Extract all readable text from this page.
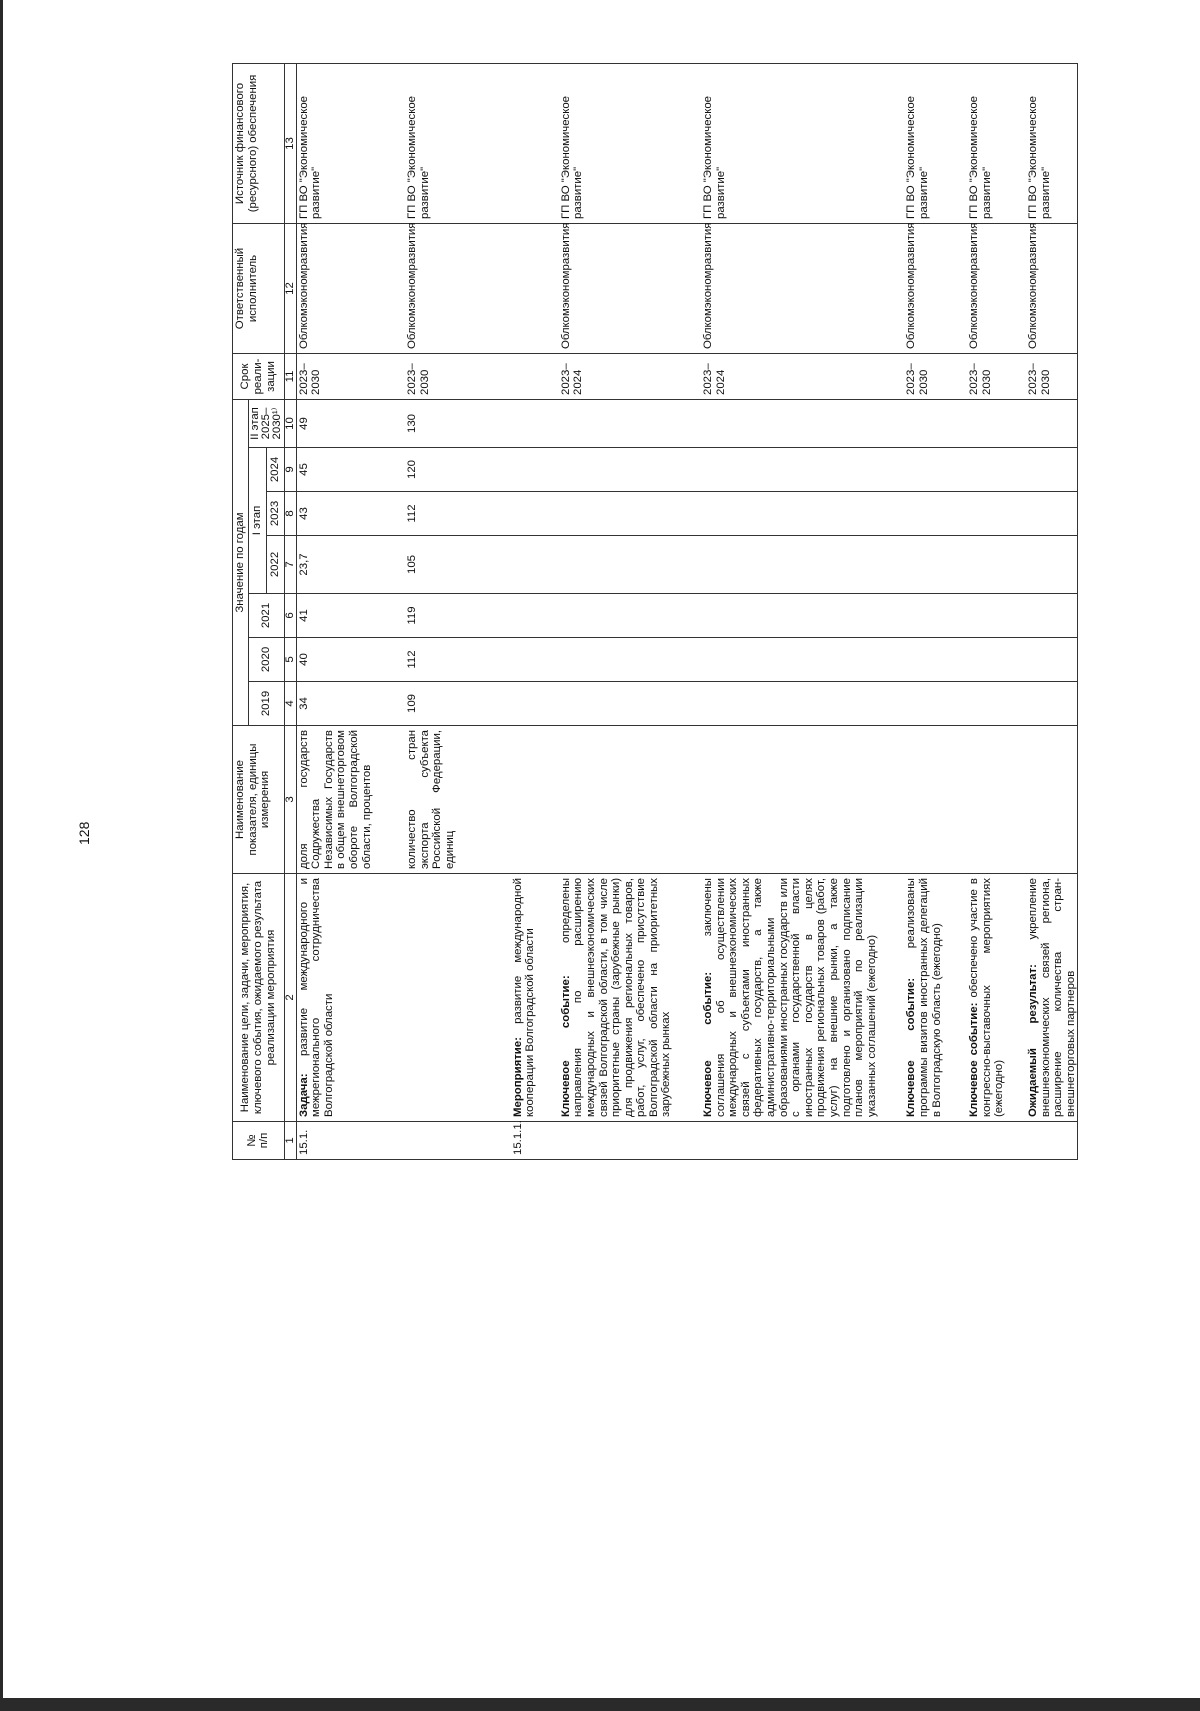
128
№
п/п	Наименование цели, задачи, мероприятия, ключевого события, ожидаемого результата реализации мероприятия	Наименование показателя, единицы измерения	Значение по годам							Срок
реали-
зации	Ответственный
исполнитель	Источник финансового
(ресурсного) обеспечения
			2019	2020	2021	I этап			II этап
2025–
2030¹⁾			
						2022	2023	2024				
1	2	3	4	5	6	7	8	9	10	11	12	13
15.1.	Задача: развитие международного и межрегионального сотрудничества Волгоградской области	доля государств Содружества Независимых Государств в общем внешнеторговом обороте Волгоградской области, процентов	34	40	41	23,7	43	45	49	2023–
2030	Облкомэкономразвития	ГП ВО "Экономическое развитие"

		количество стран экспорта субъекта Российской Федерации, единиц	109	112	119	105	112	120	130	2023–
2030	Облкомэкономразвития	ГП ВО "Экономическое развитие"

15.1.1.	Мероприятие: развитие международной кооперации Волгоградской области											

	Ключевое событие: определены направления по расширению международных и внешнеэкономических связей Волгоградской области, в том числе приоритетные страны (зарубежные рынки) для продвижения региональных товаров, работ, услуг, обеспечено присутствие Волгоградской области на приоритетных зарубежных рынках									2023–
2024	Облкомэкономразвития	ГП ВО "Экономическое развитие"

	Ключевое событие: заключены соглашения об осуществлении международных и внешнеэкономических связей с субъектами иностранных федеративных государств, а также административно-территориальными образованиями иностранных государств или с органами государственной власти иностранных государств в целях продвижения региональных товаров (работ, услуг) на внешние рынки, а также подготовлено и организовано подписание планов мероприятий по реализации указанных соглашений (ежегодно)									2023–
2024	Облкомэкономразвития	ГП ВО "Экономическое развитие"

	Ключевое событие: реализованы программы визитов иностранных делегаций в Волгоградскую область (ежегодно)									2023–
2030	Облкомэкономразвития	ГП ВО "Экономическое развитие"

	Ключевое событие: обеспечено участие в конгрессно-выставочных мероприятиях (ежегодно)									2023–
2030	Облкомэкономразвития	ГП ВО "Экономическое развитие"

	Ожидаемый результат: укрепление внешнеэкономических связей региона, расширение количества стран-внешнеторговых партнеров									2023–
2030	Облкомэкономразвития	ГП ВО "Экономическое развитие"
